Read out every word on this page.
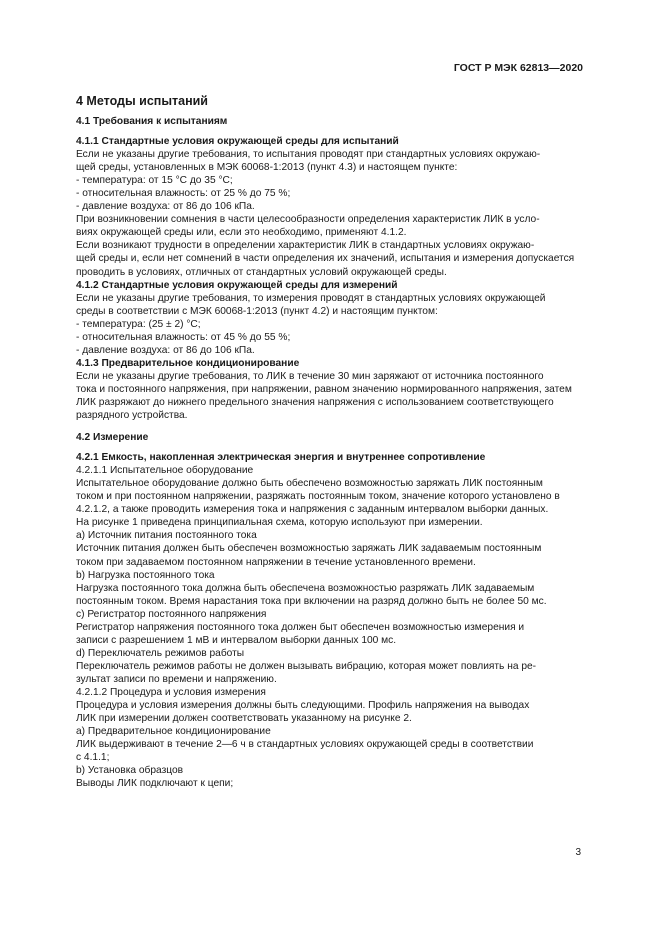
ГОСТ Р МЭК 62813—2020
4 Методы испытаний
4.1 Требования к испытаниям
4.1.1 Стандартные условия окружающей среды для испытаний
Если не указаны другие требования, то испытания проводят при стандартных условиях окружаю-
щей среды, установленных в МЭК 60068-1:2013 (пункт 4.3) и настоящем пункте:
- температура: от 15 °С до 35 °С;
- относительная влажность: от 25 % до 75 %;
- давление воздуха: от 86 до 106 кПа.
При возникновении сомнения в части целесообразности определения характеристик ЛИК в усло-
виях окружающей среды или, если это необходимо, применяют 4.1.2.
Если возникают трудности в определении характеристик ЛИК в стандартных условиях окружаю-
щей среды и, если нет сомнений в части определения их значений, испытания и измерения допускается
проводить в условиях, отличных от стандартных условий окружающей среды.
4.1.2 Стандартные условия окружающей среды для измерений
Если не указаны другие требования, то измерения проводят в стандартных условиях окружающей
среды в соответствии с МЭК 60068-1:2013 (пункт 4.2) и настоящим пунктом:
- температура: (25 ± 2) °С;
- относительная влажность: от 45 % до 55 %;
- давление воздуха: от 86 до 106 кПа.
4.1.3 Предварительное кондиционирование
Если не указаны другие требования, то ЛИК в течение 30 мин заряжают от источника постоянного
тока и постоянного напряжения, при напряжении, равном значению нормированного напряжения, затем
ЛИК разряжают до нижнего предельного значения напряжения с использованием соответствующего
разрядного устройства.
4.2 Измерение
4.2.1 Емкость, накопленная электрическая энергия и внутреннее сопротивление
4.2.1.1 Испытательное оборудование
Испытательное оборудование должно быть обеспечено возможностью заряжать ЛИК постоянным
током и при постоянном напряжении, разряжать постоянным током, значение которого установлено в
4.2.1.2, а также проводить измерения тока и напряжения с заданным интервалом выборки данных.
На рисунке 1 приведена принципиальная схема, которую используют при измерении.
а) Источник питания постоянного тока
Источник питания должен быть обеспечен возможностью заряжать ЛИК задаваемым постоянным
током при задаваемом постоянном напряжении в течение установленного времени.
b) Нагрузка постоянного тока
Нагрузка постоянного тока должна быть обеспечена возможностью разряжать ЛИК задаваемым
постоянным током. Время нарастания тока при включении на разряд должно быть не более 50 мс.
с) Регистратор постоянного напряжения
Регистратор напряжения постоянного тока должен быт обеспечен возможностью измерения и
записи с разрешением 1 мВ и интервалом выборки данных 100 мс.
d) Переключатель режимов работы
Переключатель режимов работы не должен вызывать вибрацию, которая может повлиять на ре-
зультат записи по времени и напряжению.
4.2.1.2 Процедура и условия измерения
Процедура и условия измерения должны быть следующими. Профиль напряжения на выводах
ЛИК при измерении должен соответствовать указанному на рисунке 2.
а) Предварительное кондиционирование
ЛИК выдерживают в течение 2—6 ч в стандартных условиях окружающей среды в соответствии
с 4.1.1;
b) Установка образцов
Выводы ЛИК подключают к цепи;
3
